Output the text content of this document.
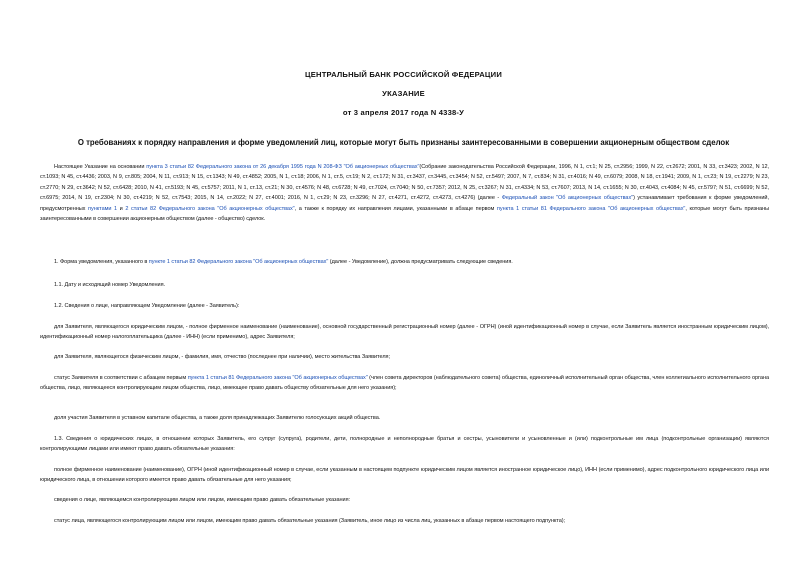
ЦЕНТРАЛЬНЫЙ БАНК РОССИЙСКОЙ ФЕДЕРАЦИИ
УКАЗАНИЕ
от 3 апреля 2017 года N 4338-У
О требованиях к порядку направления и форме уведомлений лиц, которые могут быть признаны заинтересованными в совершении акционерным обществом сделок
Настоящее Указание на основании пункта 3 статьи 82 Федерального закона от 26 декабря 1995 года N 208-ФЗ "Об акционерных обществах"(Собрание законодательства Российской Федерации, 1996, N 1, ст.1; N 25, ст.2956; 1999, N 22, ст.2672; 2001, N 33, ст.3423; 2002, N 12, ст.1093; N 45, ст.4436; 2003, N 9, ст.805; 2004, N 11, ст.913; N 15, ст.1343; N 49, ст.4852; 2005, N 1, ст.18; 2006, N 1, ст.5, ст.19; N 2, ст.172; N 31, ст.3437, ст.3445, ст.3454; N 52, ст.5497; 2007, N 7, ст.834; N 31, ст.4016; N 49, ст.6079; 2008, N 18, ст.1941; 2009, N 1, ст.23; N 19, ст.2279; N 23, ст.2770; N 29, ст.3642; N 52, ст.6428; 2010, N 41, ст.5193; N 45, ст.5757; 2011, N 1, ст.13, ст.21; N 30, ст.4576; N 48, ст.6728; N 49, ст.7024, ст.7040; N 50, ст.7357; 2012, N 25, ст.3267; N 31, ст.4334; N 53, ст.7607; 2013, N 14, ст.1655; N 30, ст.4043, ст.4084; N 45, ст.5797; N 51, ст.6699; N 52, ст.6975; 2014, N 19, ст.2304; N 30, ст.4219; N 52, ст.7543; 2015, N 14, ст.2022; N 27, ст.4001; 2016, N 1, ст.29; N 23, ст.3296; N 27, ст.4271, ст.4272, ст.4273, ст.4276) (далее - Федеральный закон "Об акционерных обществах") устанавливает требования к форме уведомлений, предусмотренных пунктами 1 и 2 статьи 82 Федерального закона "Об акционерных обществах", а также к порядку их направления лицами, указанными в абзаце первом пункта 1 статьи 81 Федерального закона "Об акционерных обществах", которые могут быть признаны заинтересованными в совершении акционерным обществом (далее - общество) сделок.
1. Форма уведомления, указанного в пункте 1 статьи 82 Федерального закона "Об акционерных обществах" (далее - Уведомление), должна предусматривать следующие сведения.
1.1. Дату и исходящий номер Уведомления.
1.2. Сведения о лице, направляющем Уведомление (далее - Заявитель):
для Заявителя, являющегося юридическим лицом, - полное фирменное наименование (наименование), основной государственный регистрационный номер (далее - ОГРН) (иной идентификационный номер в случае, если Заявитель является иностранным юридическим лицом), идентификационный номер налогоплательщика (далее - ИНН) (если применимо), адрес Заявителя;
для Заявителя, являющегося физическим лицом, - фамилия, имя, отчество (последнее при наличии), место жительства Заявителя;
статус Заявителя в соответствии с абзацем первым пункта 1 статьи 81 Федерального закона "Об акционерных обществах" (член совета директоров (наблюдательного совета) общества, единоличный исполнительный орган общества, член коллегиального исполнительного органа общества, лицо, являющееся контролирующим лицом общества, лицо, имеющее право давать обществу обязательные для него указания);
доля участия Заявителя в уставном капитале общества, а также доля принадлежащих Заявителю голосующих акций общества.
1.3. Сведения о юридических лицах, в отношении которых Заявитель, его супруг (супруга), родители, дети, полнородные и неполнородные братья и сестры, усыновители и усыновленные и (или) подконтрольные им лица (подконтрольные организации) являются контролирующими лицами или имеют право давать обязательные указания:
полное фирменное наименование (наименование), ОГРН (иной идентификационный номер в случае, если указанным в настоящем подпункте юридическим лицом является иностранное юридическое лицо), ИНН (если применимо), адрес подконтрольного юридического лица или юридического лица, в отношении которого имеется право давать обязательные для него указания;
сведения о лице, являющемся контролирующим лицом или лицом, имеющим право давать обязательные указания:
статус лица, являющегося контролирующим лицом или лицом, имеющим право давать обязательные указания (Заявитель, иное лицо из числа лиц, указанных в абзаце первом настоящего подпункта);
